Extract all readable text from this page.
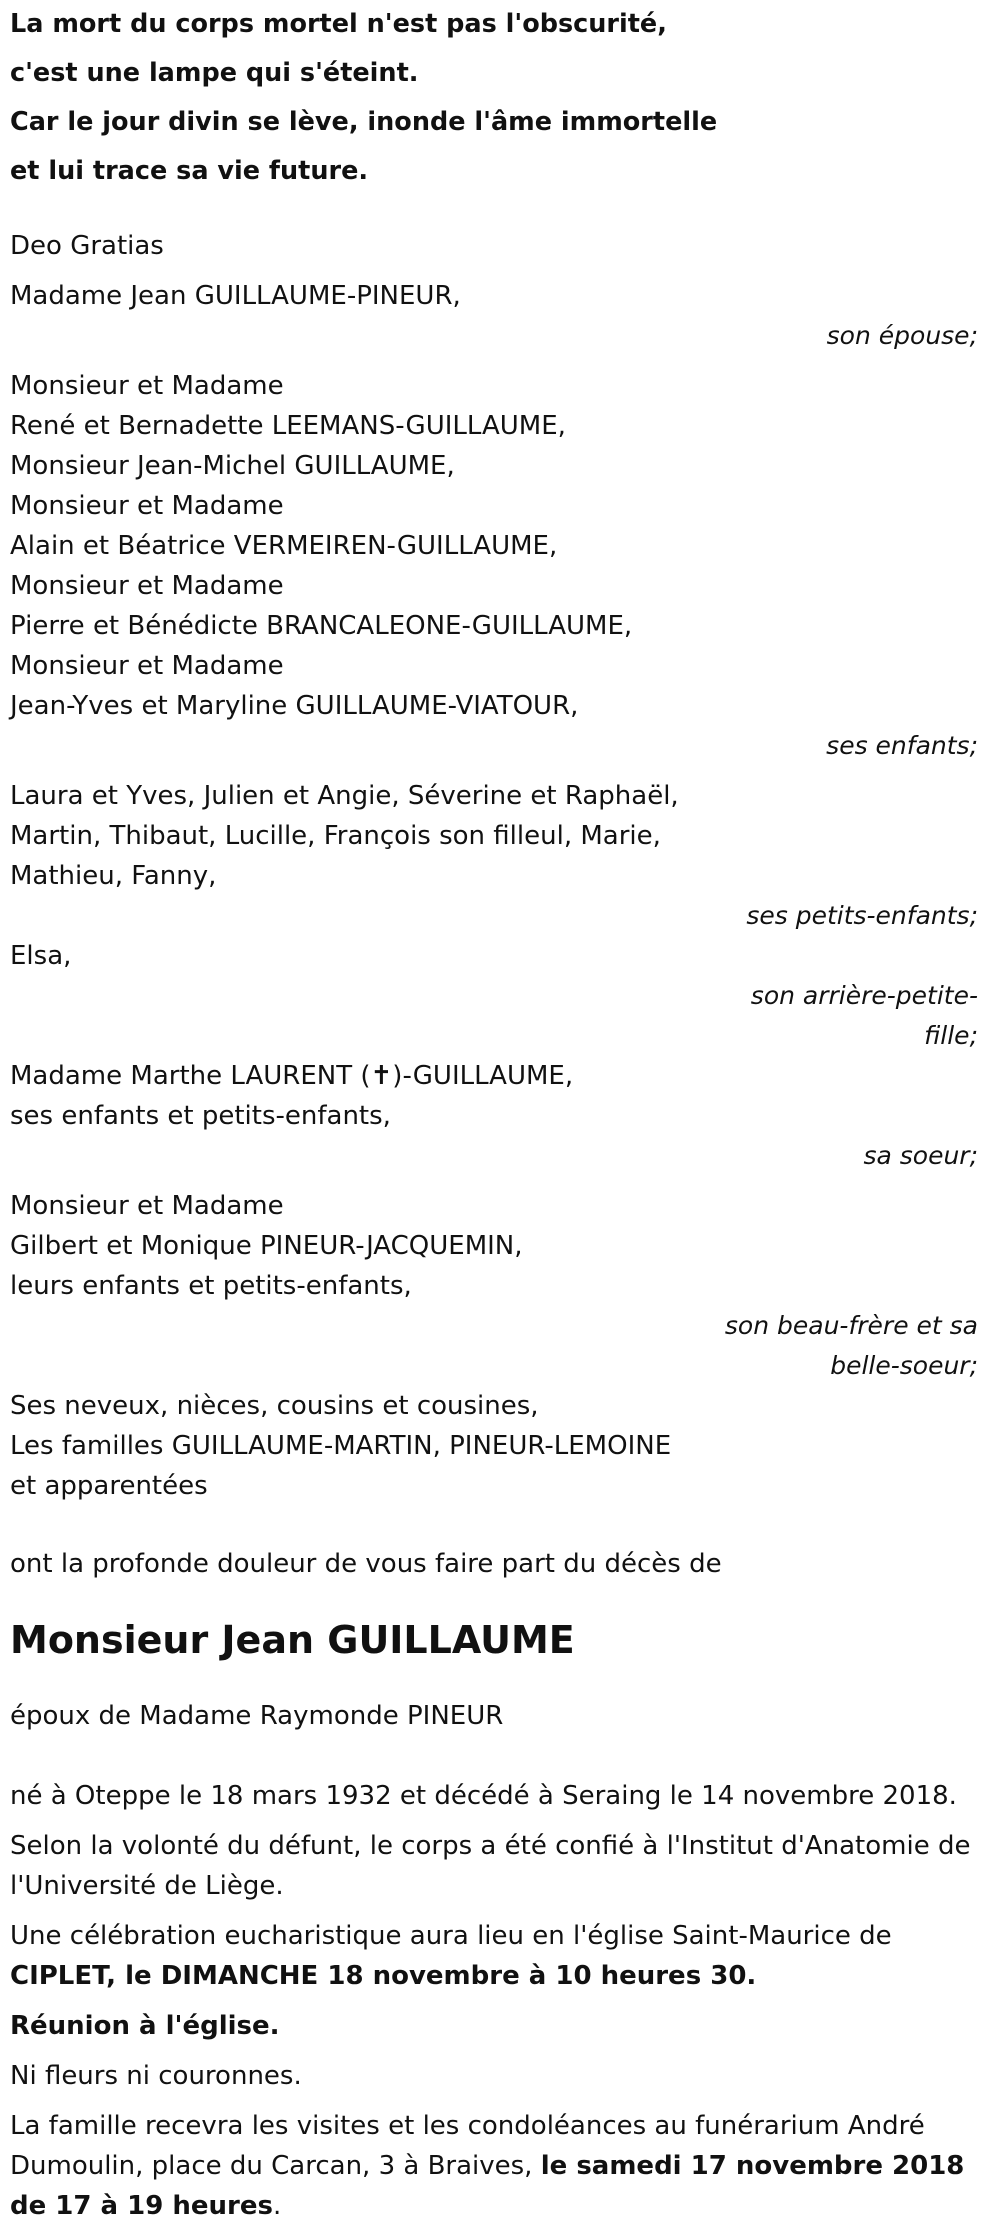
La mort du corps mortel n'est pas l'obscurité,

c'est une lampe qui s'éteint.

Car le jour divin se lève, inonde l'âme immortelle

et lui trace sa vie future.

Deo Gratias
Madame Jean GUILLAUME-PINEUR,
son épouse;
Monsieur et Madame
René et Bernadette LEEMANS-GUILLAUME,
Monsieur Jean-Michel GUILLAUME,
Monsieur et Madame
Alain et Béatrice VERMEIREN-GUILLAUME,
Monsieur et Madame
Pierre et Bénédicte BRANCALEONE-GUILLAUME,
Monsieur et Madame
Jean-Yves et Maryline GUILLAUME-VIATOUR,
ses enfants;
Laura et Yves, Julien et Angie, Séverine et Raphaël,
Martin, Thibaut, Lucille, François son filleul, Marie,
Mathieu, Fanny,
ses petits-enfants;
Elsa,
son arrière-petite-
fille;
Madame Marthe LAURENT (✝)-GUILLAUME,
ses enfants et petits-enfants,
sa soeur;
Monsieur et Madame
Gilbert et Monique PINEUR-JACQUEMIN,
leurs enfants et petits-enfants,
son beau-frère et sa
belle-soeur;
Ses neveux, nièces, cousins et cousines,
Les familles GUILLAUME-MARTIN, PINEUR-LEMOINE
et apparentées
ont la profonde douleur de vous faire part du décès de
Monsieur Jean GUILLAUME
époux de Madame Raymonde PINEUR
né à Oteppe le 18 mars 1932 et décédé à Seraing le 14 novembre 2018.
Selon la volonté du défunt, le corps a été confié à l'Institut d'Anatomie de l'Université de Liège.
Une célébration eucharistique aura lieu en l'église Saint-Maurice de
CIPLET, le DIMANCHE 18 novembre à 10 heures 30.
Réunion à l'église.
Ni fleurs ni couronnes.
La famille recevra les visites et les condoléances au funérarium André Dumoulin, place du Carcan, 3 à Braives, le samedi 17 novembre 2018 de 17 à 19 heures.
